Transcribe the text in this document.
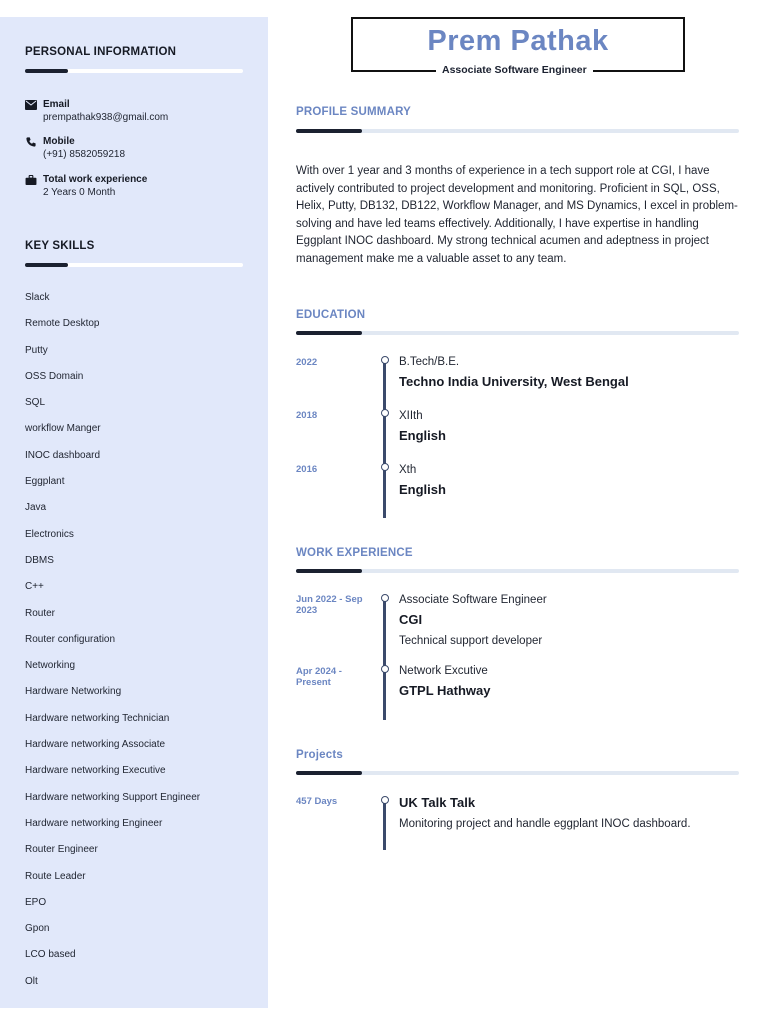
PERSONAL INFORMATION
Email
prempathak938@gmail.com
Mobile
(+91) 8582059218
Total work experience
2 Years 0 Month
KEY SKILLS
Slack
Remote Desktop
Putty
OSS Domain
SQL
workflow Manger
INOC dashboard
Eggplant
Java
Electronics
DBMS
C++
Router
Router configuration
Networking
Hardware Networking
Hardware networking Technician
Hardware networking Associate
Hardware networking Executive
Hardware networking Support Engineer
Hardware networking Engineer
Router Engineer
Route Leader
EPO
Gpon
LCO based
Olt
Prem Pathak
Associate Software Engineer
PROFILE SUMMARY
With over 1 year and 3 months of experience in a tech support role at CGI, I have actively contributed to project development and monitoring. Proficient in SQL, OSS, Helix, Putty, DB132, DB122, Workflow Manager, and MS Dynamics, I excel in problem-solving and have led teams effectively. Additionally, I have expertise in handling Eggplant INOC dashboard. My strong technical acumen and adeptness in project management make me a valuable asset to any team.
EDUCATION
2022	B.Tech/B.E.
Techno India University, West Bengal
2018	XIIth
English
2016	Xth
English
WORK EXPERIENCE
Jun 2022 - Sep 2023
Associate Software Engineer
CGI
Technical support developer
Apr 2024 - Present
Network Excutive
GTPL Hathway
Projects
457 Days	UK Talk Talk
Monitoring project and handle eggplant INOC dashboard.
